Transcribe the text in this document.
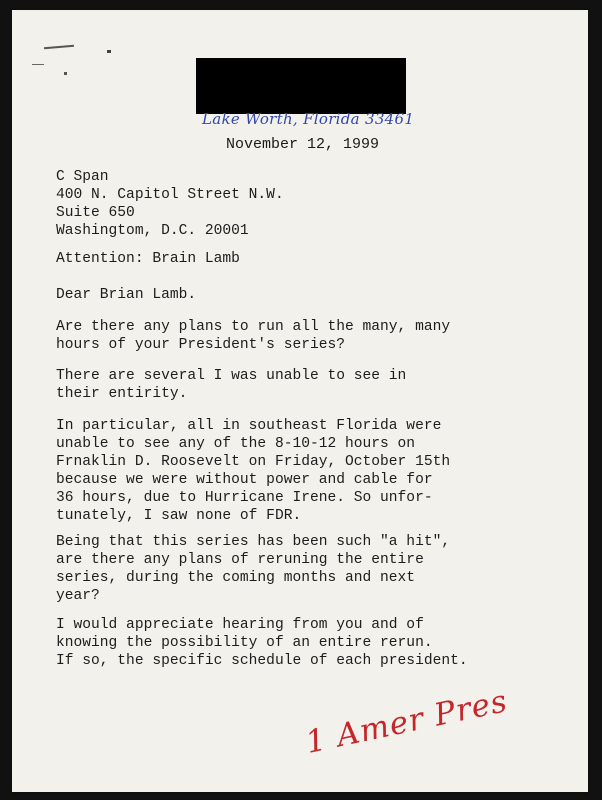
Lake Worth, Florida 33461
November 12, 1999
C Span
400 N. Capitol Street N.W.
Suite 650
Washingtom, D.C. 20001
Attention: Brain Lamb
Dear Brian Lamb.
Are there any plans to run all the many, many
hours of your President's series?
There are several I was unable to see in
their entirity.
In particular, all in southeast Florida were
unable to see any of the 8-10-12 hours on
Frnaklin D. Roosevelt on Friday, October 15th
because we were without power and cable for
36 hours, due to Hurricane Irene. So unfor-
tunately, I saw none of FDR.
Being that this series has been such "a hit",
are there any plans of reruning the entire
series, during the coming months and next
year?
I would appreciate hearing from you and of
knowing the possibility of an entire rerun.
If so, the specific schedule of each president.
1 Amer Pres
